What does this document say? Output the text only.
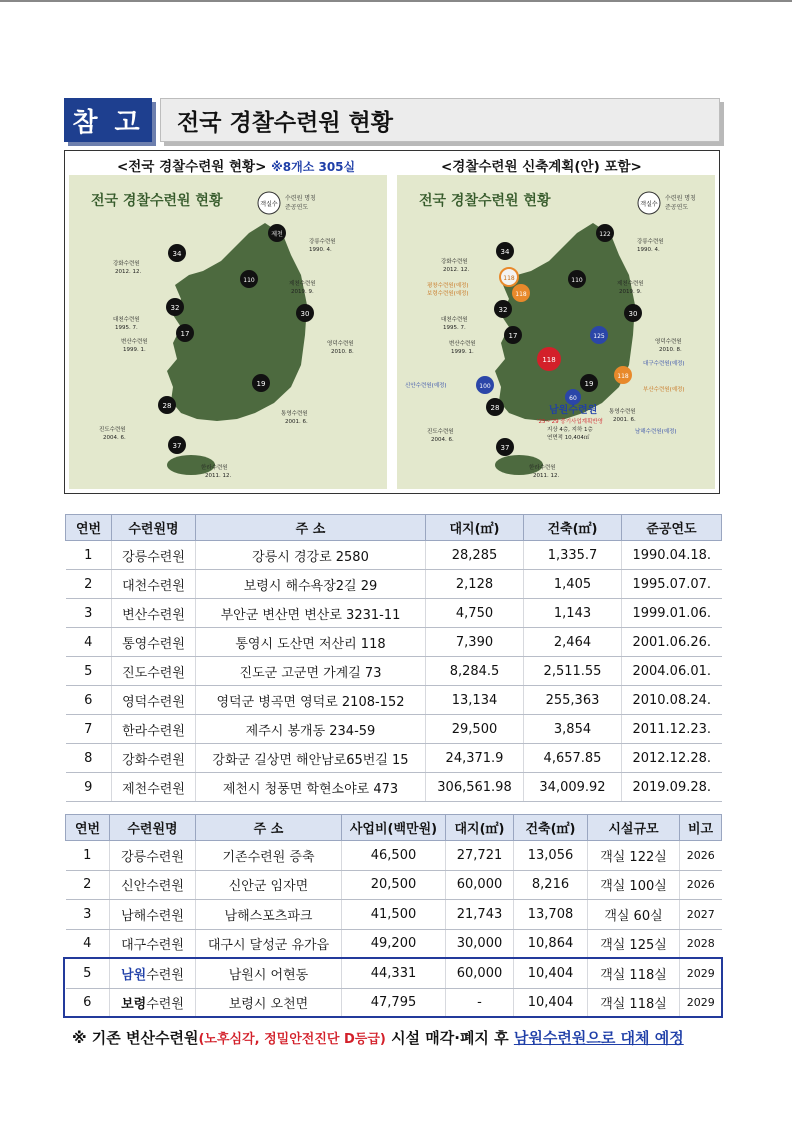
참 고	전국 경찰수련원 현황
<전국 경찰수련원 현황> ※8개소 305실	<경찰수련원 신축계획(안) 포함>
전국 경찰수련원 현황	객실수
수련원 명칭
준공연도
제천
34
110
32
17
30
19
28
37
강릉수련원
1990. 4.
강화수련원
2012. 12.
제천수련원
2019. 9.
대천수련원
1995. 7.
변산수련원
1999. 1.
영덕수련원
2010. 8.
통영수련원
2001. 6.
진도수련원
2004. 6.
한라수련원
2011. 12.
전국 경찰수련원 현황	객실수
수련원 명칭
준공연도
122
34
118
118
110
32
17
30
125
118
118
19
100
60
28
37
강릉수련원
1990. 4.
강화수련원
2012. 12.
평창수련원(예정)
보령수련원(예정)
제천수련원
2019. 9.
대천수련원
1995. 7.
변산수련원
1999. 1.
영덕수련원
2010. 8.
대구수련원(예정)
부산수련원(예정)
신안수련원(예정)
통영수련원
2001. 6.
진도수련원
2004. 6.
남해수련원(예정)
한라수련원
2011. 12.
남원수련원
'25~'29 중기사업계획반영
지상 4층, 지하 1층
연면적 10,404㎡
연번	수련원명	주 소	대지(㎡)	건축(㎡)	준공연도
1	강릉수련원	강릉시 경강로 2580	28,285	1,335.7	1990.04.18.
2	대천수련원	보령시 해수욕장2길 29	2,128	1,405	1995.07.07.
3	변산수련원	부안군 변산면 변산로 3231-11	4,750	1,143	1999.01.06.
4	통영수련원	통영시 도산면 저산리 118	7,390	2,464	2001.06.26.
5	진도수련원	진도군 고군면 가계길 73	8,284.5	2,511.55	2004.06.01.
6	영덕수련원	영덕군 병곡면 영덕로 2108-152	13,134	255,363	2010.08.24.
7	한라수련원	제주시 봉개동 234-59	29,500	3,854	2011.12.23.
8	강화수련원	강화군 길상면 해안남로65번길 15	24,371.9	4,657.85	2012.12.28.
9	제천수련원	제천시 청풍면 학현소야로 473	306,561.98	34,009.92	2019.09.28.
연번	수련원명	주 소	사업비(백만원)	대지(㎡)	건축(㎡)	시설규모	비고
1	강릉수련원	기존수련원 증축	46,500	27,721	13,056	객실 122실	2026
2	신안수련원	신안군 임자면	20,500	60,000	8,216	객실 100실	2026
3	남해수련원	남해스포츠파크	41,500	21,743	13,708	객실 60실	2027
4	대구수련원	대구시 달성군 유가읍	49,200	30,000	10,864	객실 125실	2028
5	남원수련원	남원시 어현동	44,331	60,000	10,404	객실 118실	2029
6	보령수련원	보령시 오천면	47,795	-	10,404	객실 118실	2029
※ 기존 변산수련원(노후심각, 정밀안전진단 D등급) 시설 매각·폐지 후 남원수련원으로 대체 예정
